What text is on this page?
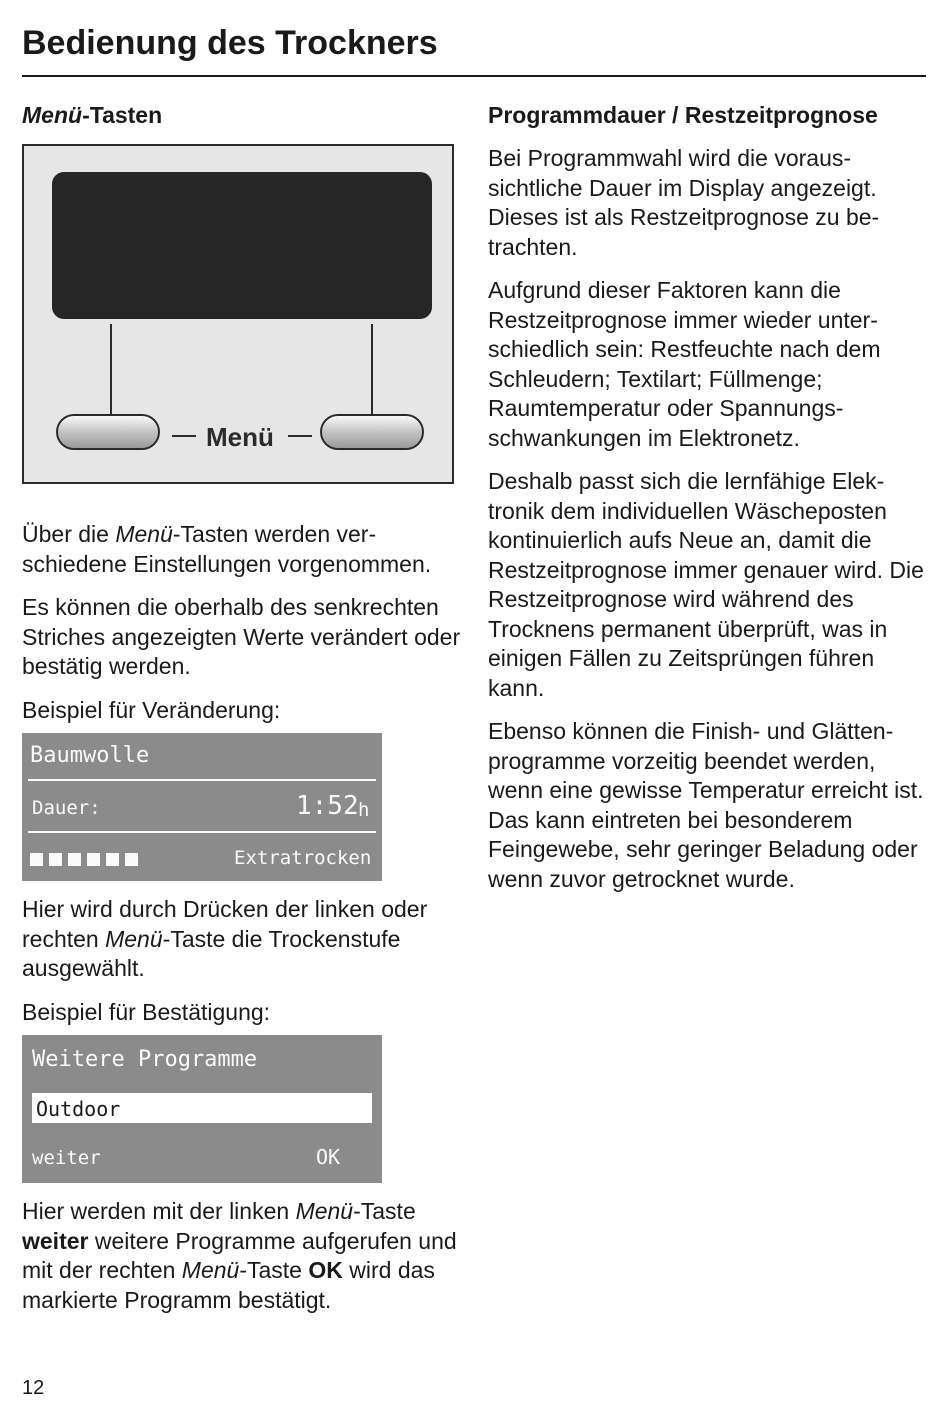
Bedienung des Trockners
Menü-Tasten
Menü

Über die Menü-Tasten werden verschiedene Einstellungen vorgenommen.

Es können die oberhalb des senkrechten Striches angezeigten Werte verändert oder bestätig werden.

Beispiel für Veränderung:

Baumwolle
Dauer:	1:52 h
Extratrocken

Hier wird durch Drücken der linken oder rechten Menü-Taste die Trockenstufe ausgewählt.

Beispiel für Bestätigung:

Weitere Programme
Outdoor
weiter	OK

Hier werden mit der linken Menü-Taste weiter weitere Programme aufgerufen und mit der rechten Menü-Taste OK wird das markierte Programm bestätigt.

Programmdauer / Restzeitprognose

Bei Programmwahl wird die voraussichtliche Dauer im Display angezeigt. Dieses ist als Restzeitprognose zu betrachten.

Aufgrund dieser Faktoren kann die Restzeitprognose immer wieder unterschiedlich sein: Restfeuchte nach dem Schleudern; Textilart; Füllmenge; Raumtemperatur oder Spannungsschwankungen im Elektronetz.

Deshalb passt sich die lernfähige Elektronik dem individuellen Wäscheposten kontinuierlich aufs Neue an, damit die Restzeitprognose immer genauer wird. Die Restzeitprognose wird während des Trocknens permanent überprüft, was in einigen Fällen zu Zeitsprüngen führen kann.

Ebenso können die Finish- und Glättenprogramme vorzeitig beendet werden, wenn eine gewisse Temperatur erreicht ist. Das kann eintreten bei besonderem Feingewebe, sehr geringer Beladung oder wenn zuvor getrocknet wurde.

12
